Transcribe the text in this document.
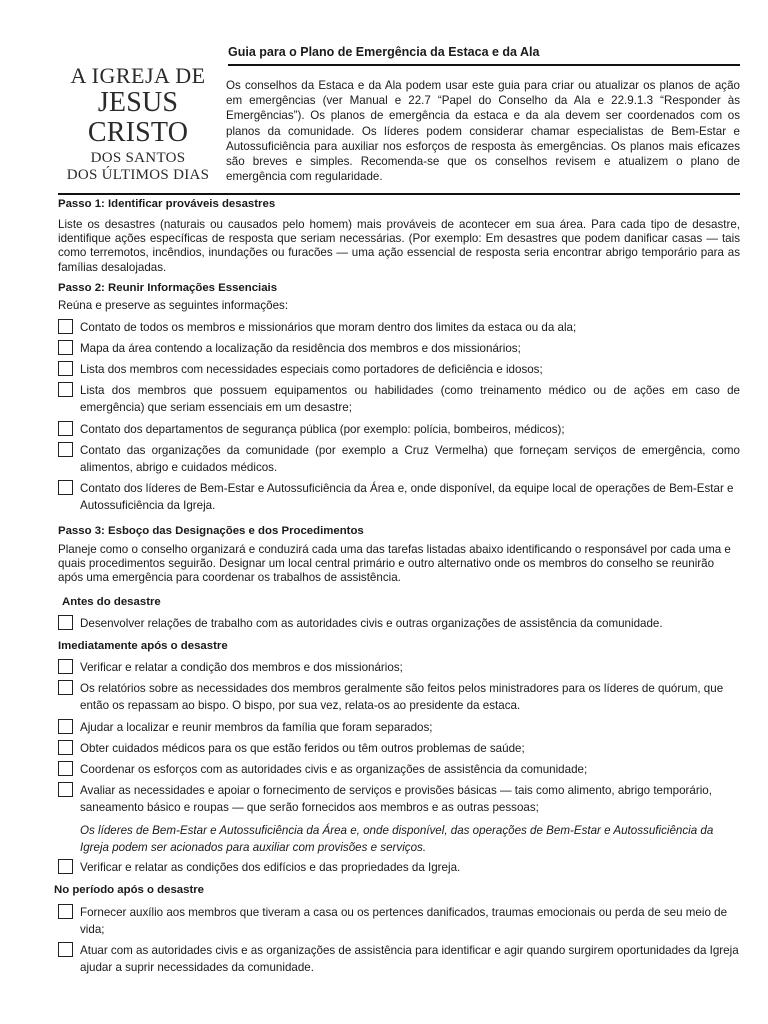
A IGREJA DE
JESUS CRISTO
DOS SANTOS
DOS ÚLTIMOS DIAS
Guia para o Plano de Emergência da Estaca e da Ala
Os conselhos da Estaca e da Ala podem usar este guia para criar ou atualizar os planos de ação em emergências (ver Manual e 22.7 “Papel do Conselho da Ala e 22.9.1.3 “Responder às Emergências”). Os planos de emergência da estaca e da ala devem ser coordenados com os planos da comunidade. Os líderes podem considerar chamar especialistas de Bem-Estar e Autossuficiência para auxiliar nos esforços de resposta às emergências. Os planos mais eficazes são breves e simples. Recomenda-se que os conselhos revisem e atualizem o plano de emergência com regularidade.
Passo 1: Identificar prováveis desastres
Liste os desastres (naturais ou causados pelo homem) mais prováveis de acontecer em sua área. Para cada tipo de desastre, identifique ações específicas de resposta que seriam necessárias. (Por exemplo: Em desastres que podem danificar casas — tais como terremotos, incêndios, inundações ou furacões — uma ação essencial de resposta seria encontrar abrigo temporário para as famílias desalojadas.
Passo 2: Reunir Informações Essenciais
Reúna e preserve as seguintes informações:
Contato de todos os membros e missionários que moram dentro dos limites da estaca ou da ala;
Mapa da área contendo a localização da residência dos membros e dos missionários;
Lista dos membros com necessidades especiais como portadores de deficiência e idosos;
Lista dos membros que possuem equipamentos ou habilidades (como treinamento médico ou de ações em caso de emergência) que seriam essenciais em um desastre;
Contato dos departamentos de segurança pública (por exemplo: polícia, bombeiros, médicos);
Contato das organizações da comunidade (por exemplo a Cruz Vermelha) que forneçam serviços de emergência, como alimentos, abrigo e cuidados médicos.
Contato dos líderes de Bem-Estar e Autossuficiência da Área e, onde disponível, da equipe local de operações de Bem-Estar e Autossuficiência da Igreja.
Passo 3: Esboço das Designações e dos Procedimentos
Planeje como o conselho organizará e conduzirá cada uma das tarefas listadas abaixo identificando o responsável por cada uma e quais procedimentos seguirão. Designar um local central primário e outro alternativo onde os membros do conselho se reunirão após uma emergência para coordenar os trabalhos de assistência.
Antes do desastre
Desenvolver relações de trabalho com as autoridades civis e outras organizações de assistência da comunidade.
Imediatamente após o desastre
Verificar e relatar a condição dos membros e dos missionários;
Os relatórios sobre as necessidades dos membros geralmente são feitos pelos ministradores para os líderes de quórum, que então os repassam ao bispo. O bispo, por sua vez, relata-os ao presidente da estaca.
Ajudar a localizar e reunir membros da família que foram separados;
Obter cuidados médicos para os que estão feridos ou têm outros problemas de saúde;
Coordenar os esforços com as autoridades civis e as organizações de assistência da comunidade;
Avaliar as necessidades e apoiar o fornecimento de serviços e provisões básicas — tais como alimento, abrigo temporário, saneamento básico e roupas — que serão fornecidos aos membros e as outras pessoas;
Os líderes de Bem-Estar e Autossuficiência da Área e, onde disponível, das operações de Bem-Estar e Autossuficiência da Igreja podem ser acionados para auxiliar com provisões e serviços.
Verificar e relatar as condições dos edifícios e das propriedades da Igreja.
No período após o desastre
Fornecer auxílio aos membros que tiveram a casa ou os pertences danificados, traumas emocionais ou perda de seu meio de vida;
Atuar com as autoridades civis e as organizações de assistência para identificar e agir quando surgirem oportunidades da Igreja ajudar a suprir necessidades da comunidade.
